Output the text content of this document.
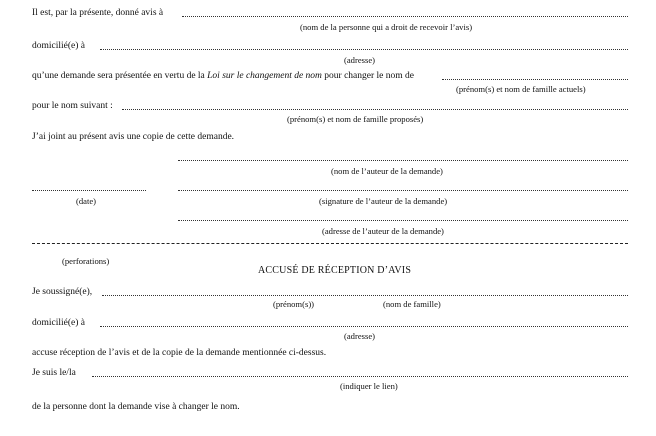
Il est, par la présente, donné avis à
(nom de la personne qui a droit de recevoir l’avis)
domicilié(e) à
(adresse)
qu’une demande sera présentée en vertu de la Loi sur le changement de nom pour changer le nom de
(prénom(s) et nom de famille actuels)
pour le nom suivant :
(prénom(s) et nom de famille proposés)
J’ai joint au présent avis une copie de cette demande.
(nom de l’auteur de la demande)
(date)	(signature de l’auteur de la demande)
(adresse de l’auteur de la demande)
(perforations)
ACCUSÉ DE RÉCEPTION D’AVIS
Je soussigné(e),
(prénom(s))	(nom de famille)
domicilié(e) à
(adresse)
accuse réception de l’avis et de la copie de la demande mentionnée ci-dessus.
Je suis le/la
(indiquer le lien)
de la personne dont la demande vise à changer le nom.
